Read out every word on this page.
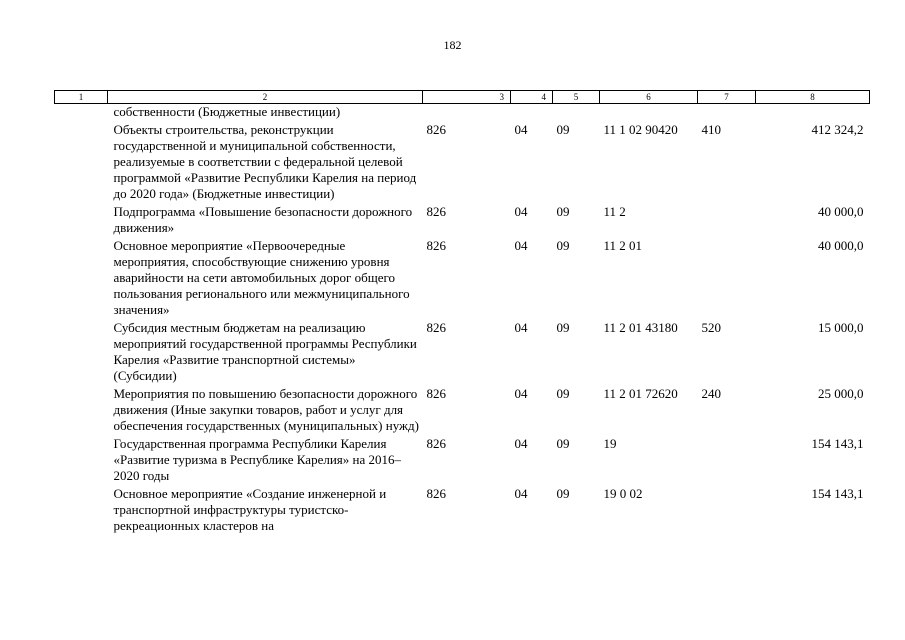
182
1	2	3	4	5	6	7	8
	собственности (Бюджетные инвестиции)						
	Объекты строительства, реконструкции государственной и муниципальной собственности, реализуемые в соответствии с федеральной целевой программой «Развитие Республики Карелия на период до 2020 года» (Бюджетные инвестиции)	826	04	09	11 1 02 90420	410	412 324,2
	Подпрограмма «Повышение безопасности дорожного движения»	826	04	09	11 2		40 000,0
	Основное мероприятие «Первоочередные мероприятия, способствующие снижению уровня аварийности на сети автомобильных дорог общего пользования регионального или межмуниципального значения»	826	04	09	11 2 01		40 000,0
	Субсидия местным бюджетам на реализацию мероприятий государственной программы Республики Карелия «Развитие транспортной системы» (Субсидии)	826	04	09	11 2 01 43180	520	15 000,0
	Мероприятия по повышению безопасности дорожного движения (Иные закупки товаров, работ и услуг для обеспечения государственных (муниципальных) нужд)	826	04	09	11 2 01 72620	240	25 000,0
	Государственная программа Республики Карелия «Развитие туризма в Республике Карелия» на 2016–2020 годы	826	04	09	19		154 143,1
	Основное мероприятие «Создание инженерной и транспортной инфраструктуры туристско-рекреационных кластеров на	826	04	09	19 0 02		154 143,1
